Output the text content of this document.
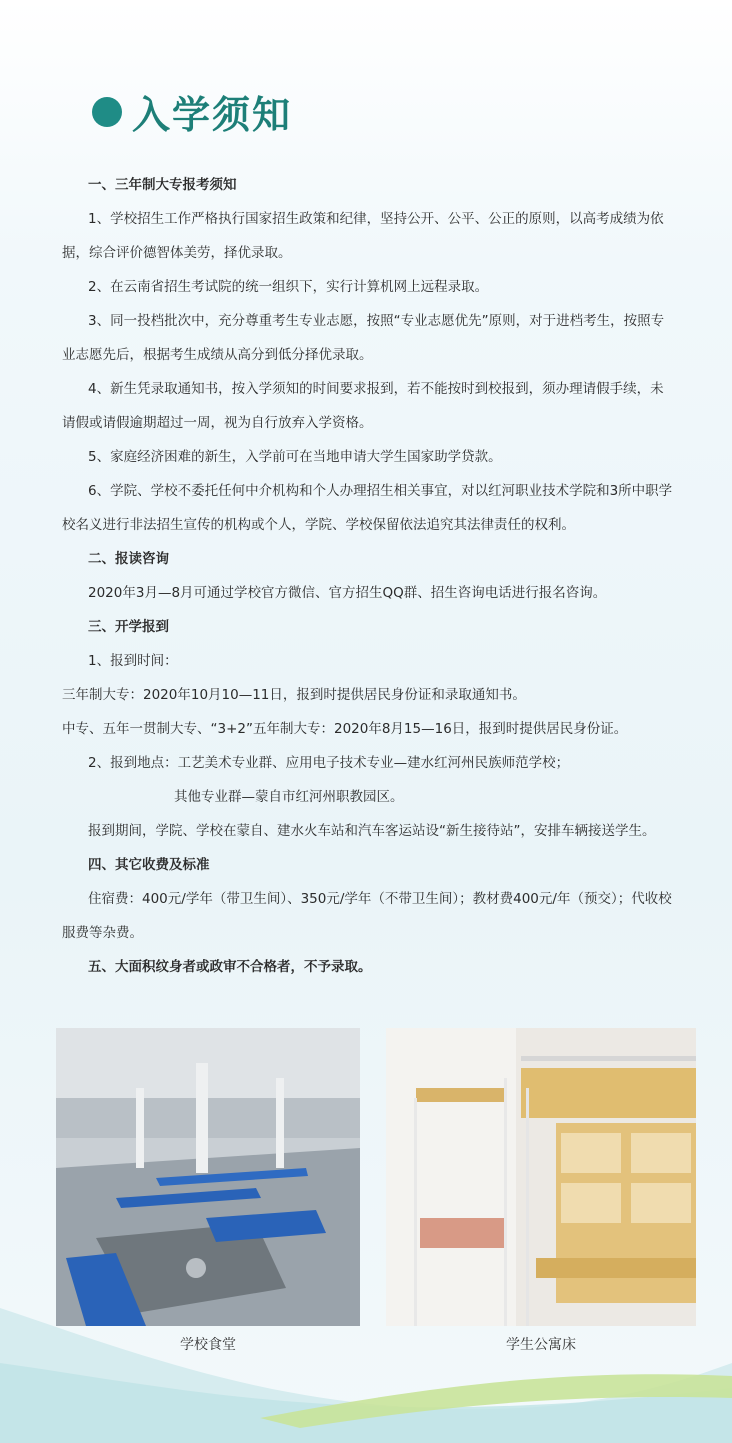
入学须知

一、三年制大专报考须知

1、学校招生工作严格执行国家招生政策和纪律，坚持公开、公平、公正的原则，以高考成绩为依据，综合评价德智体美劳，择优录取。

2、在云南省招生考试院的统一组织下，实行计算机网上远程录取。

3、同一投档批次中，充分尊重考生专业志愿，按照“专业志愿优先”原则，对于进档考生，按照专业志愿先后，根据考生成绩从高分到低分择优录取。

4、新生凭录取通知书，按入学须知的时间要求报到，若不能按时到校报到，须办理请假手续，未请假或请假逾期超过一周，视为自行放弃入学资格。

5、家庭经济困难的新生，入学前可在当地申请大学生国家助学贷款。

6、学院、学校不委托任何中介机构和个人办理招生相关事宜，对以红河职业技术学院和3所中职学校名义进行非法招生宣传的机构或个人，学院、学校保留依法追究其法律责任的权利。

二、报读咨询

2020年3月—8月可通过学校官方微信、官方招生QQ群、招生咨询电话进行报名咨询。

三、开学报到

1、报到时间：

三年制大专：2020年10月10—11日，报到时提供居民身份证和录取通知书。

中专、五年一贯制大专、“3+2”五年制大专：2020年8月15—16日，报到时提供居民身份证。

2、报到地点：工艺美术专业群、应用电子技术专业—建水红河州民族师范学校；

其他专业群—蒙自市红河州职教园区。

报到期间，学院、学校在蒙自、建水火车站和汽车客运站设“新生接待站”，安排车辆接送学生。

四、其它收费及标准

住宿费：400元/学年（带卫生间）、350元/学年（不带卫生间）；教材费400元/年（预交）；代收校服费等杂费。

五、大面积纹身者或政审不合格者，不予录取。

学校食堂	学生公寓床
